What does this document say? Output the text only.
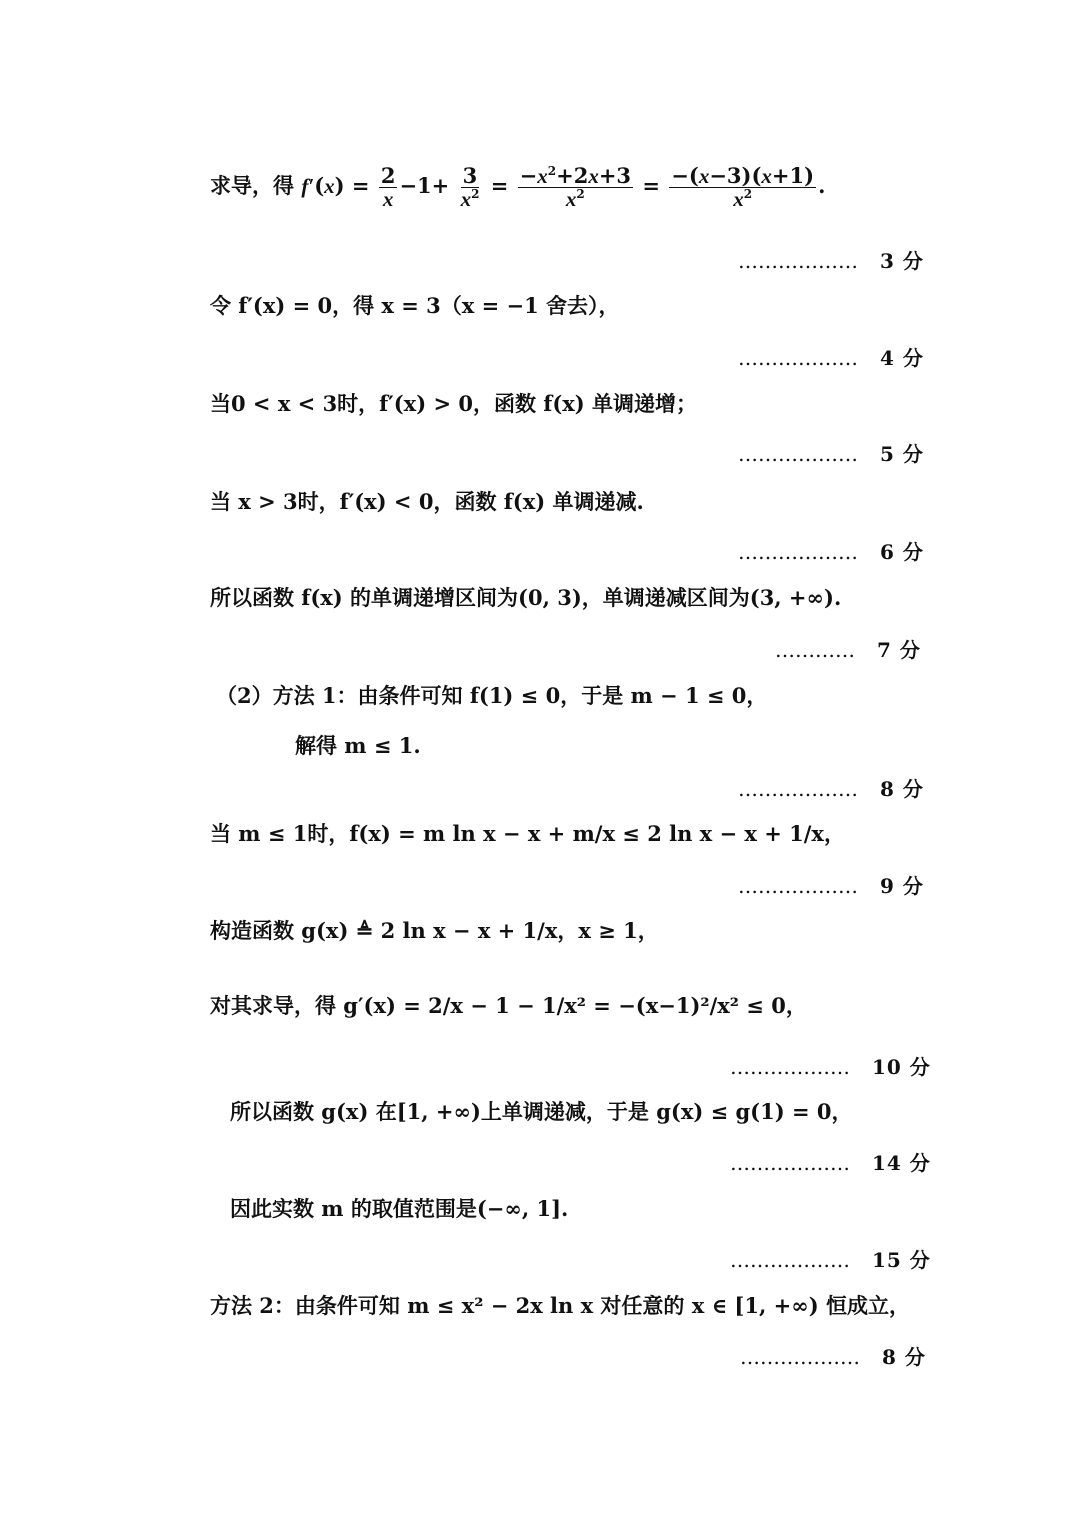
求导，得 $f'(x) = \frac{2}{x} -1+ \frac{3}{x^2} = \frac{-x^2+2x+3}{x^2} = \frac{-(x-3)(x+1)}{x^2}$ .
……………… 3 分
令 f′(x) = 0，得 x = 3（x = −1 舍去），
……………… 4 分
当0 < x < 3时，f′(x) > 0，函数 f(x) 单调递增；
……………… 5 分
当 x > 3时，f′(x) < 0，函数 f(x) 单调递减.
……………… 6 分
所以函数 f(x) 的单调递增区间为(0, 3)，单调递减区间为(3, +∞).
………… 7 分
（2）方法 1：由条件可知 f(1) ≤ 0，于是 m − 1 ≤ 0，
解得 m ≤ 1.
……………… 8 分
当 m ≤ 1时，f(x) = m ln x − x + m/x ≤ 2 ln x − x + 1/x，
……………… 9 分
构造函数 g(x) ≜ 2 ln x − x + 1/x，x ≥ 1，
对其求导，得 g′(x) = 2/x − 1 − 1/x² = −(x−1)²/x² ≤ 0，
……………… 10 分
所以函数 g(x) 在[1, +∞)上单调递减，于是 g(x) ≤ g(1) = 0，
……………… 14 分
因此实数 m 的取值范围是(−∞, 1].
……………… 15 分
方法 2：由条件可知 m ≤ x² − 2x ln x 对任意的 x ∈ [1, +∞) 恒成立，
……………… 8 分
